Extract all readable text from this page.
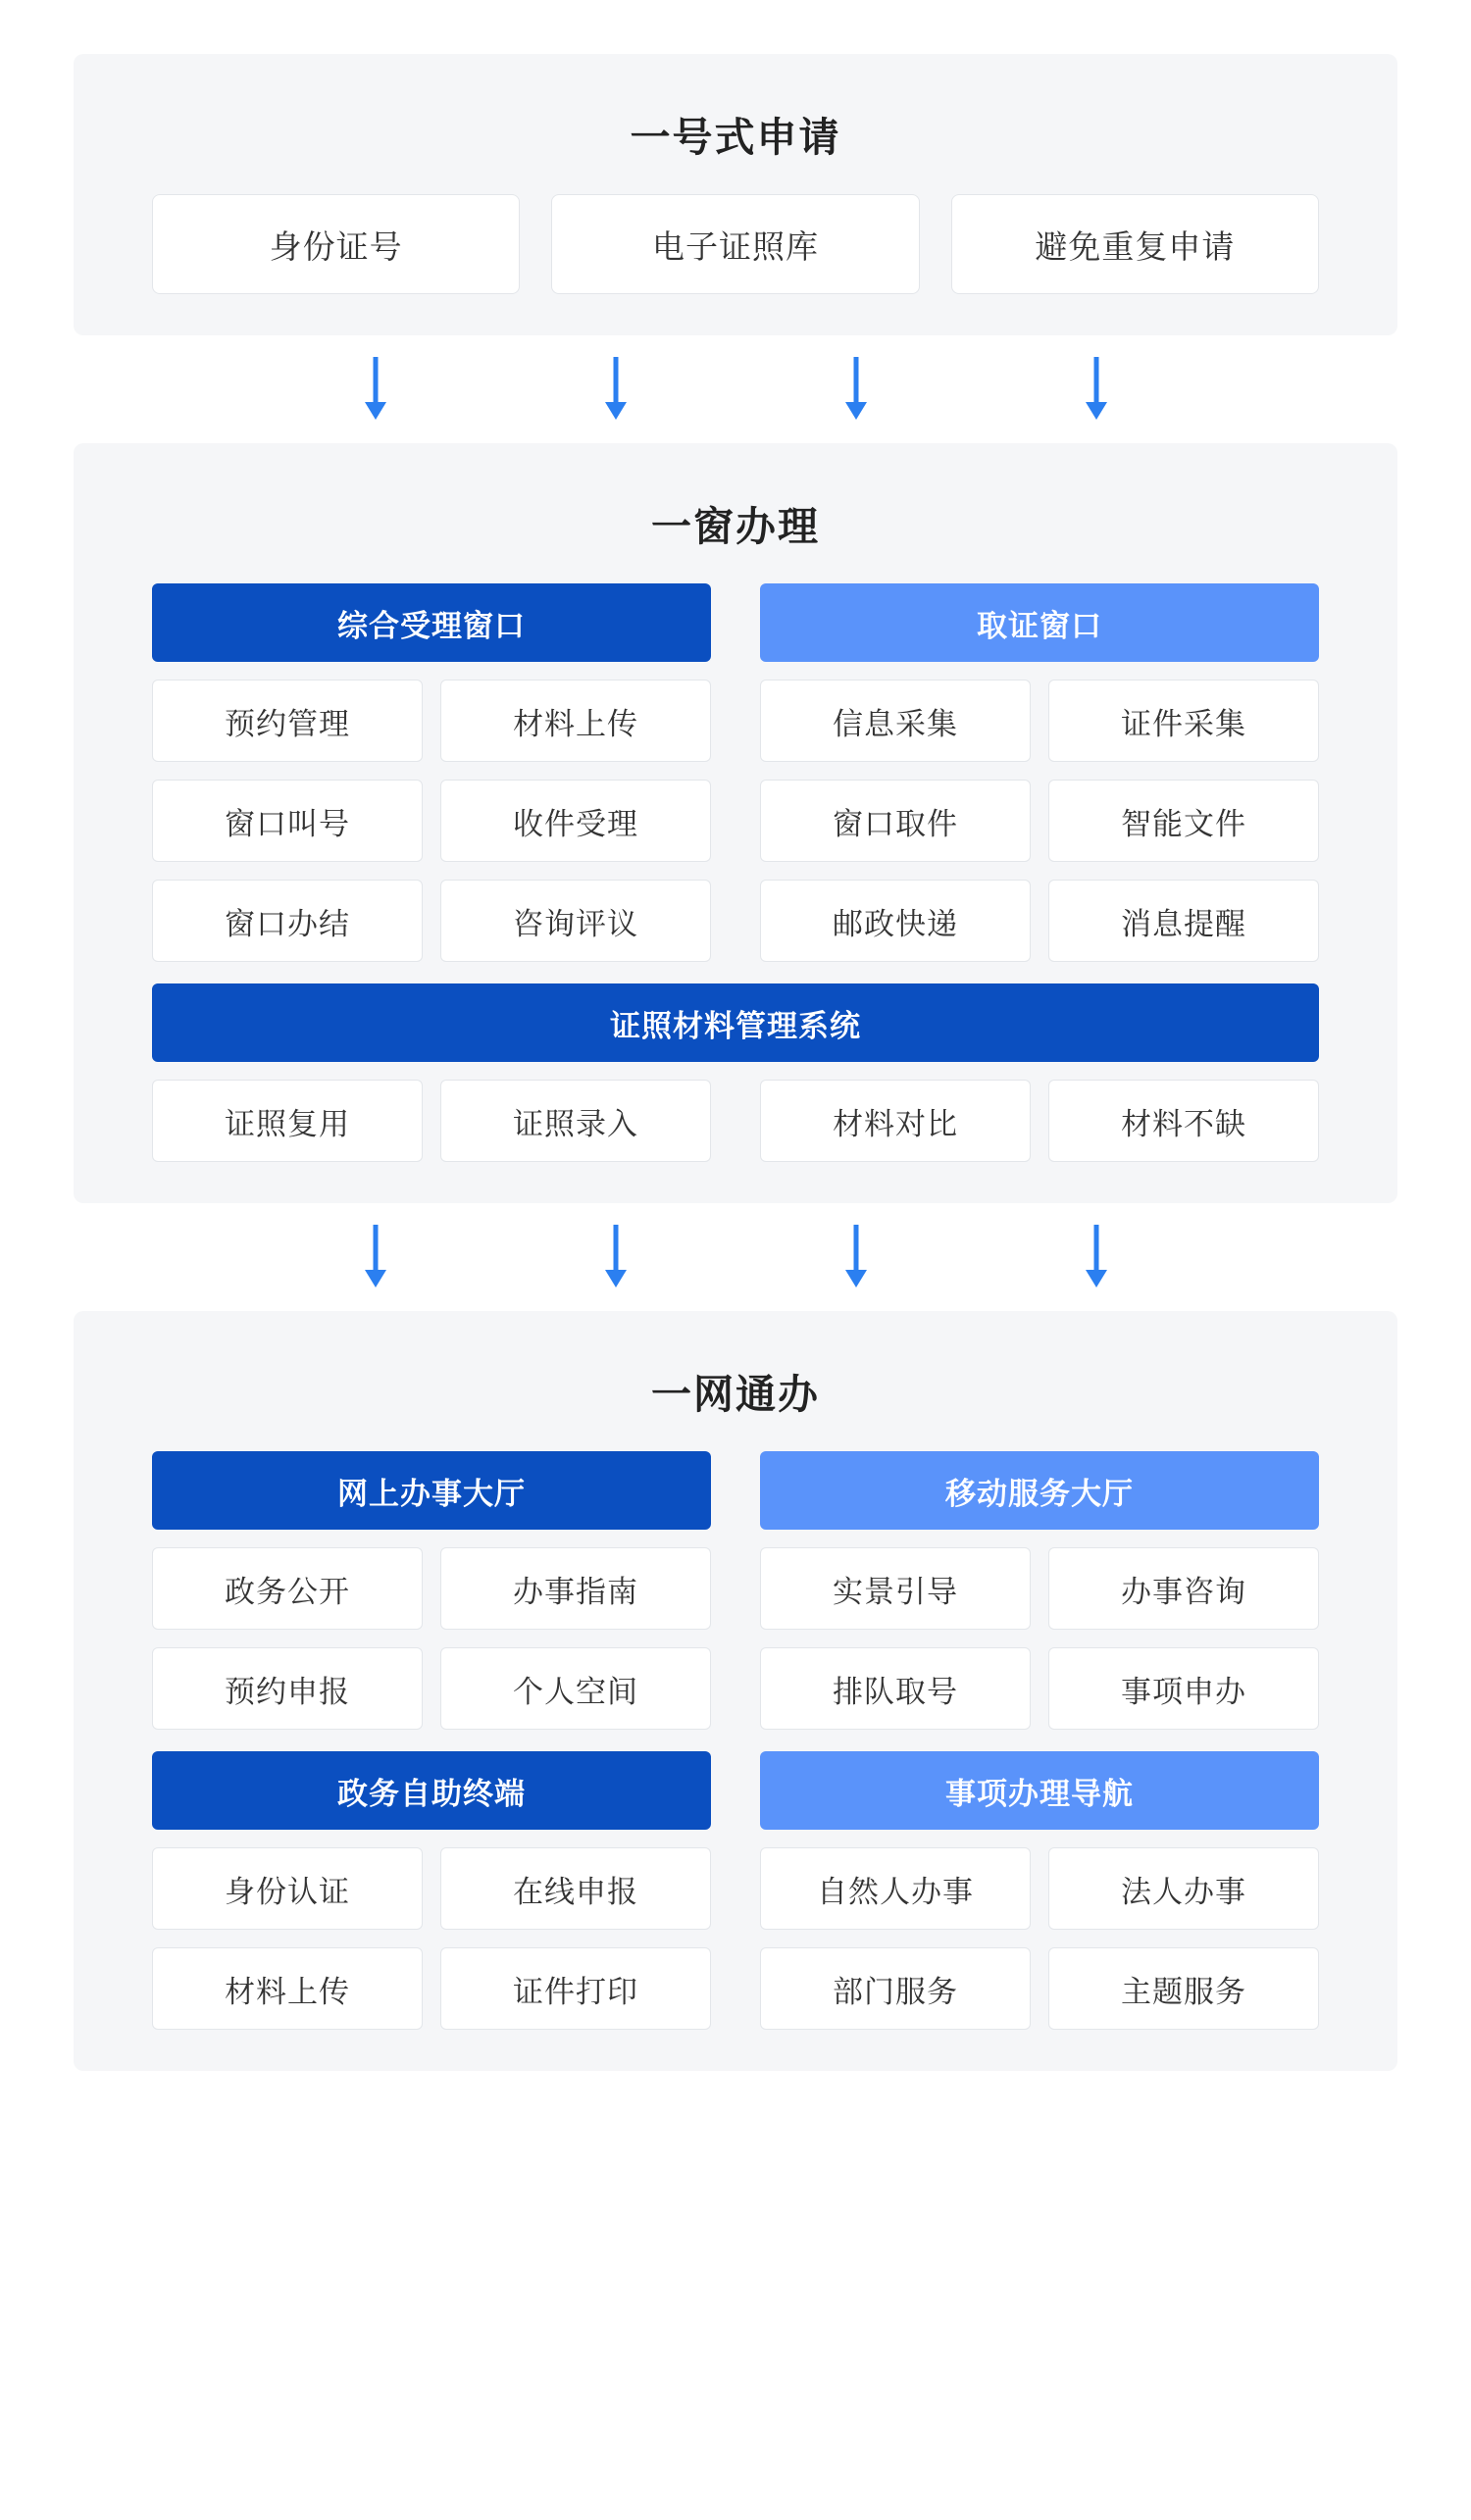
一号式申请
身份证号	电子证照库	避免重复申请
一窗办理
综合受理窗口	取证窗口
预约管理	材料上传	信息采集	证件采集
窗口叫号	收件受理	窗口取件	智能文件
窗口办结	咨询评议	邮政快递	消息提醒
证照材料管理系统
证照复用	证照录入	材料对比	材料不缺
一网通办
网上办事大厅	移动服务大厅
政务公开	办事指南	实景引导	办事咨询
预约申报	个人空间	排队取号	事项申办
政务自助终端	事项办理导航
身份认证	在线申报	自然人办事	法人办事
材料上传	证件打印	部门服务	主题服务
